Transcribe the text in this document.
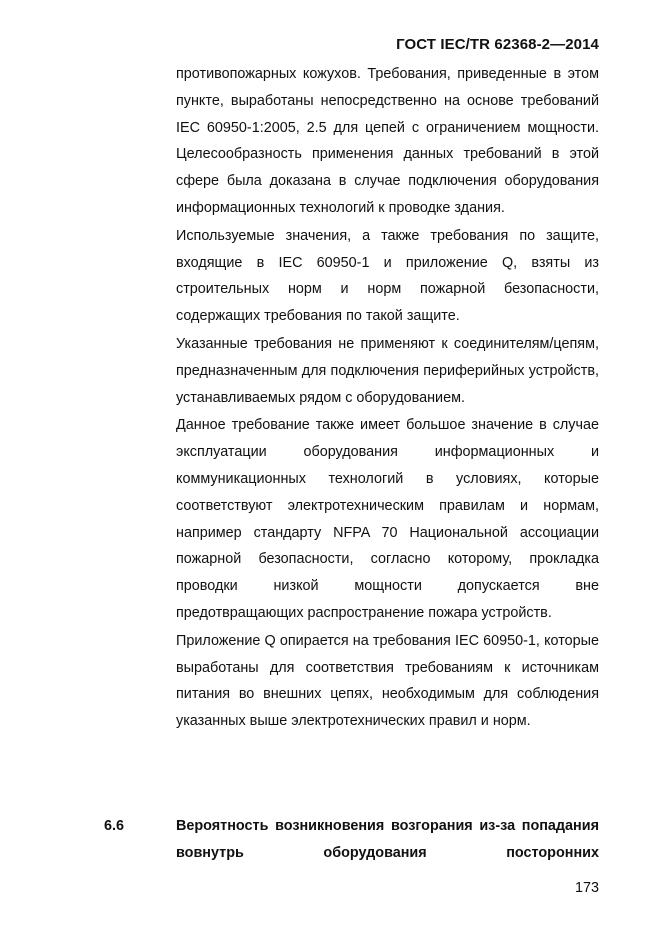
ГОСТ IEC/TR 62368-2—2014

противопожарных кожухов. Требования, приведенные в этом пункте, выработаны непосредственно на основе требований IEC 60950-1:2005, 2.5 для цепей с ограничением мощности. Целесообразность применения данных требований в этой сфере была доказана в случае подключения оборудования информационных технологий к проводке здания.

Используемые значения, а также требования по защите, входящие в IEC 60950-1 и приложение Q, взяты из строительных норм и норм пожарной безопасности, содержащих требования по такой защите.

Указанные требования не применяют к соединителям/цепям, предназначенным для подключения периферийных устройств, устанавливаемых рядом с оборудованием.

Данное требование также имеет большое значение в случае эксплуатации оборудования информационных и коммуникационных технологий в условиях, которые соответствуют электротехническим правилам и нормам, например стандарту NFPA 70 Национальной ассоциации пожарной безопасности, согласно которому, прокладка проводки низкой мощности допускается вне предотвращающих распространение пожара устройств.

Приложение Q опирается на требования IEC 60950-1, которые выработаны для соответствия требованиям к источникам питания во внешних цепях, необходимым для соблюдения указанных выше электротехнических правил и норм.

6.6	Вероятность возникновения возгорания из-за попадания вовнутрь оборудования посторонних
173
